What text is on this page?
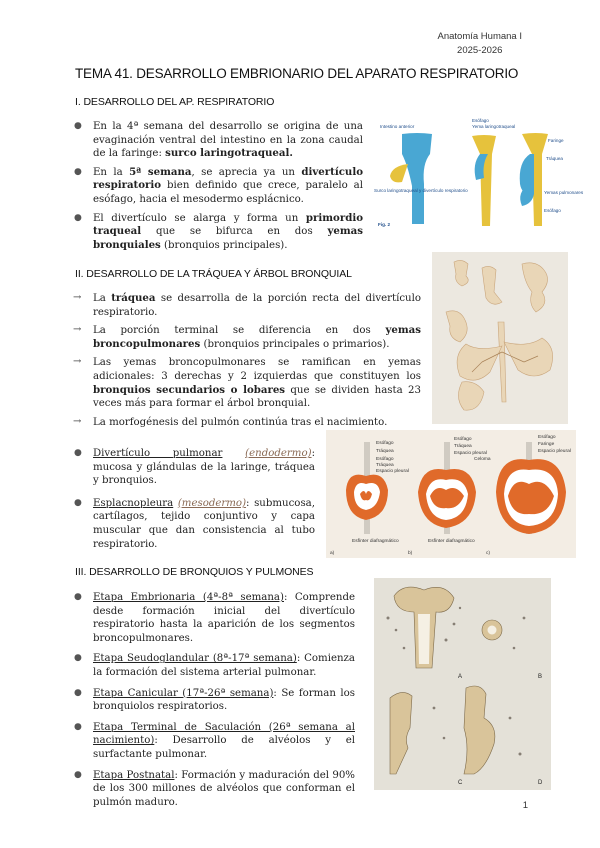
Anatomía Humana I
2025-2026
TEMA 41. DESARROLLO EMBRIONARIO DEL APARATO RESPIRATORIO
I. DESARROLLO DEL AP. RESPIRATORIO
● En la 4ª semana del desarrollo se origina de una evaginación ventral del intestino en la zona caudal de la faringe: surco laringotraqueal.
● En la 5ª semana, se aprecia ya un divertículo respiratorio bien definido que crece, paralelo al esófago, hacia el mesodermo esplácnico.
● El divertículo se alarga y forma un primordio traqueal que se bifurca en dos yemas bronquiales (bronquios principales).
Intestino anterior
Esófago
Yema laringotraqueal
Faringe
Tráquea
Surco laringotraqueal y divertículo respiratorio	Yemas pulmonares
Esófago
Fig. 2
II. DESARROLLO DE LA TRÁQUEA Y ÁRBOL BRONQUIAL
→ La tráquea se desarrolla de la porción recta del divertículo respiratorio.
→ La porción terminal se diferencia en dos yemas broncopulmonares (bronquios principales o primarios).
→ Las yemas broncopulmonares se ramifican en yemas adicionales: 3 derechas y 2 izquierdas que constituyen los bronquios secundarios o lobares que se dividen hasta 23 veces más para formar el árbol bronquial.
→ La morfogénesis del pulmón continúa tras el nacimiento.
● Divertículo pulmonar (endodermo): mucosa y glándulas de la laringe, tráquea y bronquios.
● Esplacnopleura (mesodermo): submucosa, cartílagos, tejido conjuntivo y capa muscular que dan consistencia al tubo respiratorio.
Esófago
Tráquea
Esófago
Tráquea
Espacio pleural
Esófago
Tráquea
Espacio pleural
Celoma
Esófago
Faringe
Espacio pleural
Esfínter diafragmático	Esfínter diafragmático
a)	b)	c)
III. DESARROLLO DE BRONQUIOS Y PULMONES
● Etapa Embrionaria (4ª-8ª semana): Comprende desde formación inicial del divertículo respiratorio hasta la aparición de los segmentos broncopulmonares.
● Etapa Seudoglandular (8ª-17ª semana): Comienza la formación del sistema arterial pulmonar.
● Etapa Canicular (17ª-26ª semana): Se forman los bronquiolos respiratorios.
● Etapa Terminal de Saculación (26ª semana al nacimiento): Desarrollo de alvéolos y el surfactante pulmonar.
● Etapa Postnatal: Formación y maduración del 90% de los 300 millones de alvéolos que conforman el pulmón maduro.
A	B
C	D
1
